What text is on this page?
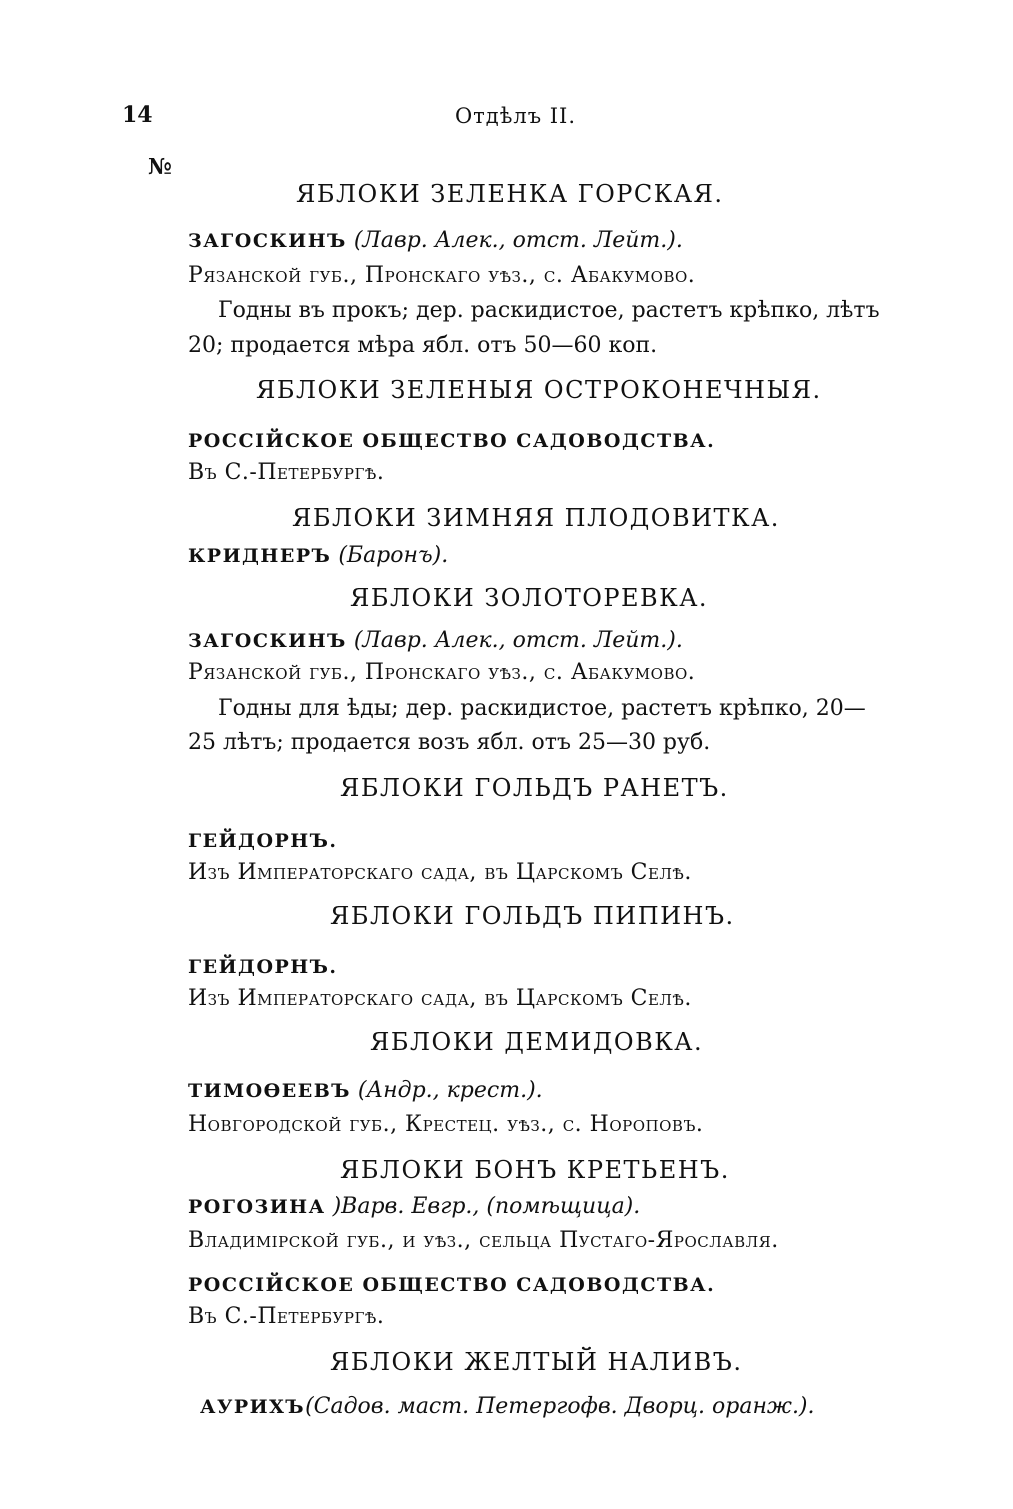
14	Отдѣлъ II.
№
ЯБЛОКИ ЗЕЛЕНКА ГОРСКАЯ.
ЗАГОСКИНЪ (Лавр. Алек., отст. Лейт.).
Рязанской губ., Пронскаго уѣз., с. Абакумово.
Годны въ прокъ; дер. раскидистое, растетъ крѣпко, лѣтъ
20; продается мѣра ябл. отъ 50—60 коп.
ЯБЛОКИ ЗЕЛЕНЫЯ ОСТРОКОНЕЧНЫЯ.
РОССІЙСКОЕ ОБЩЕСТВО САДОВОДСТВА.
Въ С.-Петербургѣ.
ЯБЛОКИ ЗИМНЯЯ ПЛОДОВИТКА.
КРИДНЕРЪ (Баронъ).
ЯБЛОКИ ЗОЛОТОРЕВКА.
ЗАГОСКИНЪ (Лавр. Алек., отст. Лейт.).
Рязанской губ., Пронскаго уѣз., с. Абакумово.
Годны для ѣды; дер. раскидистое, растетъ крѣпко, 20—
25 лѣтъ; продается возъ ябл. отъ 25—30 руб.
ЯБЛОКИ ГОЛЬДЪ РАНЕТЪ.
ГЕЙДОРНЪ.
Изъ Императорскаго сада, въ Царскомъ Селѣ.
ЯБЛОКИ ГОЛЬДЪ ПИПИНЪ.
ГЕЙДОРНЪ.
Изъ Императорскаго сада, въ Царскомъ Селѣ.
ЯБЛОКИ ДЕМИДОВКА.
ТИМОѲЕЕВЪ (Андр., крест.).
Новгородской губ., Крестец. уѣз., с. Нороповъ.
ЯБЛОКИ БОНЪ КРЕТЬЕНЪ.
РОГОЗИНА )Варв. Евгр., (помѣщица).
Владимірской губ., и уѣз., сельца Пустаго-Ярославля.
РОССІЙСКОЕ ОБЩЕСТВО САДОВОДСТВА.
Въ С.-Петербургѣ.
ЯБЛОКИ ЖЕЛТЫЙ НАЛИВЪ.
АУРИХЪ(Садов. маст. Петергофв. Дворц. оранж.).
